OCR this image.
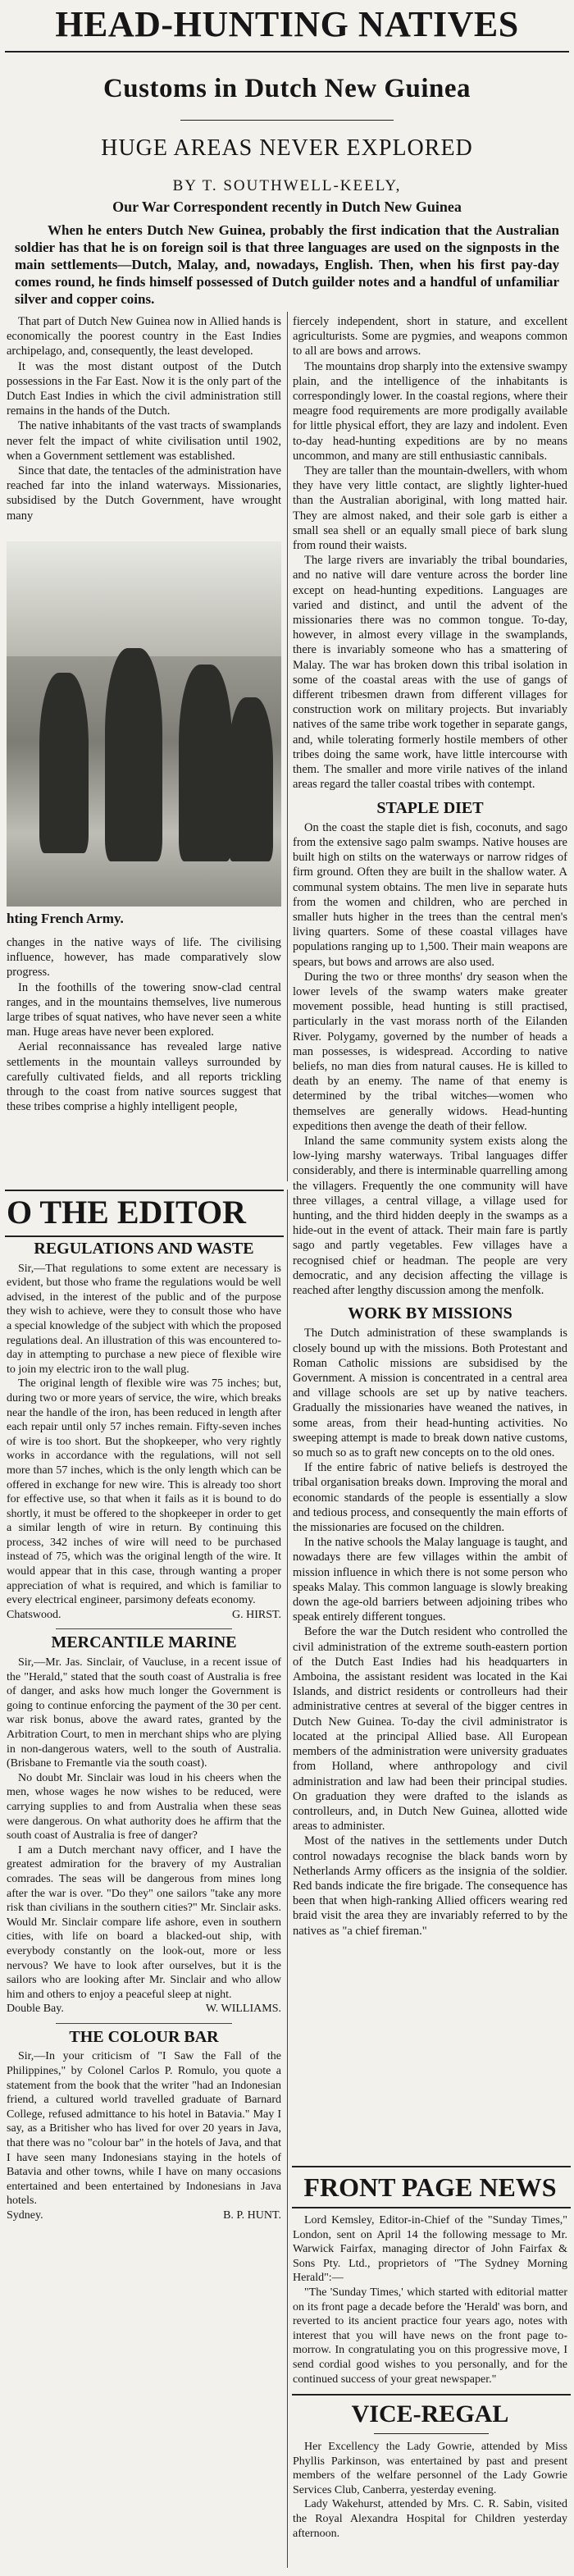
HEAD-HUNTING NATIVES
Customs in Dutch New Guinea
HUGE AREAS NEVER EXPLORED
BY T. SOUTHWELL-KEELY,
Our War Correspondent recently in Dutch New Guinea
When he enters Dutch New Guinea, probably the first indication that the Australian soldier has that he is on foreign soil is that three languages are used on the signposts in the main settlements—Dutch, Malay, and, nowadays, English. Then, when his first pay-day comes round, he finds himself possessed of Dutch guilder notes and a handful of unfamiliar silver and copper coins.

That part of Dutch New Guinea now in Allied hands is economically the poorest country in the East Indies archipelago, and, consequently, the least developed.

It was the most distant outpost of the Dutch possessions in the Far East. Now it is the only part of the Dutch East Indies in which the civil administration still remains in the hands of the Dutch.

The native inhabitants of the vast tracts of swamplands never felt the impact of white civilisation until 1902, when a Government settlement was established.

Since that date, the tentacles of the administration have reached far into the inland waterways. Missionaries, subsidised by the Dutch Government, have wrought many

hting French Army.

changes in the native ways of life. The civilising influence, however, has made comparatively slow progress.

In the foothills of the towering snow-clad central ranges, and in the mountains themselves, live numerous large tribes of squat natives, who have never seen a white man. Huge areas have never been explored.

Aerial reconnaissance has revealed large native settlements in the mountain valleys surrounded by carefully cultivated fields, and all reports trickling through to the coast from native sources suggest that these tribes comprise a highly intelligent people,

fiercely independent, short in stature, and excellent agriculturists. Some are pygmies, and weapons common to all are bows and arrows.

The mountains drop sharply into the extensive swampy plain, and the intelligence of the inhabitants is correspondingly lower. In the coastal regions, where their meagre food requirements are more prodigally available for little physical effort, they are lazy and indolent. Even to-day head-hunting expeditions are by no means uncommon, and many are still enthusiastic cannibals.

They are taller than the mountain-dwellers, with whom they have very little contact, are slightly lighter-hued than the Australian aboriginal, with long matted hair. They are almost naked, and their sole garb is either a small sea shell or an equally small piece of bark slung from round their waists.

The large rivers are invariably the tribal boundaries, and no native will dare venture across the border line except on head-hunting expeditions. Languages are varied and distinct, and until the advent of the missionaries there was no common tongue. To-day, however, in almost every village in the swamplands, there is invariably someone who has a smattering of Malay. The war has broken down this tribal isolation in some of the coastal areas with the use of gangs of different tribesmen drawn from different villages for construction work on military projects. But invariably natives of the same tribe work together in separate gangs, and, while tolerating formerly hostile members of other tribes doing the same work, have little intercourse with them. The smaller and more virile natives of the inland areas regard the taller coastal tribes with contempt.

STAPLE DIET

On the coast the staple diet is fish, coconuts, and sago from the extensive sago palm swamps. Native houses are built high on stilts on the waterways or narrow ridges of firm ground. Often they are built in the shallow water. A communal system obtains. The men live in separate huts from the women and children, who are perched in smaller huts higher in the trees than the central men's living quarters. Some of these coastal villages have populations ranging up to 1,500. Their main weapons are spears, but bows and arrows are also used.

During the two or three months' dry season when the lower levels of the swamp waters make greater movement possible, head hunting is still practised, particularly in the vast morass north of the Eilanden River. Polygamy, governed by the number of heads a man possesses, is widespread. According to native beliefs, no man dies from natural causes. He is killed to death by an enemy. The name of that enemy is determined by the tribal witches—women who themselves are generally widows. Head-hunting expeditions then avenge the death of their fellow.

Inland the same community system exists along the low-lying marshy waterways. Tribal languages differ considerably, and there is interminable quarrelling among the villagers. Frequently the one community will have three villages, a central village, a village used for hunting, and the third hidden deeply in the swamps as a hide-out in the event of attack. Their main fare is partly sago and partly vegetables. Few villages have a recognised chief or headman. The people are very democratic, and any decision affecting the village is reached after lengthy discussion among the menfolk.

WORK BY MISSIONS

The Dutch administration of these swamplands is closely bound up with the missions. Both Protestant and Roman Catholic missions are subsidised by the Government. A mission is concentrated in a central area and village schools are set up by native teachers. Gradually the missionaries have weaned the natives, in some areas, from their head-hunting activities. No sweeping attempt is made to break down native customs, so much so as to graft new concepts on to the old ones.

If the entire fabric of native beliefs is destroyed the tribal organisation breaks down. Improving the moral and economic standards of the people is essentially a slow and tedious process, and consequently the main efforts of the missionaries are focused on the children.

In the native schools the Malay language is taught, and nowadays there are few villages within the ambit of mission influence in which there is not some person who speaks Malay. This common language is slowly breaking down the age-old barriers between adjoining tribes who speak entirely different tongues.

Before the war the Dutch resident who controlled the civil administration of the extreme south-eastern portion of the Dutch East Indies had his headquarters in Amboina, the assistant resident was located in the Kai Islands, and district residents or controlleurs had their administrative centres at several of the bigger centres in Dutch New Guinea. To-day the civil administrator is located at the principal Allied base. All European members of the administration were university graduates from Holland, where anthropology and civil administration and law had been their principal studies. On graduation they were drafted to the islands as controlleurs, and, in Dutch New Guinea, allotted wide areas to administer.

Most of the natives in the settlements under Dutch control nowadays recognise the black bands worn by Netherlands Army officers as the insignia of the soldier. Red bands indicate the fire brigade. The consequence has been that when high-ranking Allied officers wearing red braid visit the area they are invariably referred to by the natives as "a chief fireman."

O THE EDITOR
REGULATIONS AND WASTE

Sir,—That regulations to some extent are necessary is evident, but those who frame the regulations would be well advised, in the interest of the public and of the purpose they wish to achieve, were they to consult those who have a special knowledge of the subject with which the proposed regulations deal. An illustration of this was encountered to-day in attempting to purchase a new piece of flexible wire to join my electric iron to the wall plug.

The original length of flexible wire was 75 inches; but, during two or more years of service, the wire, which breaks near the handle of the iron, has been reduced in length after each repair until only 57 inches remain. Fifty-seven inches of wire is too short. But the shopkeeper, who very rightly works in accordance with the regulations, will not sell more than 57 inches, which is the only length which can be offered in exchange for new wire. This is already too short for effective use, so that when it fails as it is bound to do shortly, it must be offered to the shopkeeper in order to get a similar length of wire in return. By continuing this process, 342 inches of wire will need to be purchased instead of 75, which was the original length of the wire. It would appear that in this case, through wanting a proper appreciation of what is required, and which is familiar to every electrical engineer, parsimony defeats economy.

Chatswood.	G. HIRST.
MERCANTILE MARINE

Sir,—Mr. Jas. Sinclair, of Vaucluse, in a recent issue of the "Herald," stated that the south coast of Australia is free of danger, and asks how much longer the Government is going to continue enforcing the payment of the 30 per cent. war risk bonus, above the award rates, granted by the Arbitration Court, to men in merchant ships who are plying in non-dangerous waters, well to the south of Australia. (Brisbane to Fremantle via the south coast).

No doubt Mr. Sinclair was loud in his cheers when the men, whose wages he now wishes to be reduced, were carrying supplies to and from Australia when these seas were dangerous. On what authority does he affirm that the south coast of Australia is free of danger?

I am a Dutch merchant navy officer, and I have the greatest admiration for the bravery of my Australian comrades. The seas will be dangerous from mines long after the war is over. "Do they" one sailors "take any more risk than civilians in the southern cities?" Mr. Sinclair asks. Would Mr. Sinclair compare life ashore, even in southern cities, with life on board a blacked-out ship, with everybody constantly on the look-out, more or less nervous? We have to look after ourselves, but it is the sailors who are looking after Mr. Sinclair and who allow him and others to enjoy a peaceful sleep at night.

Double Bay.	W. WILLIAMS.
THE COLOUR BAR

Sir,—In your criticism of "I Saw the Fall of the Philippines," by Colonel Carlos P. Romulo, you quote a statement from the book that the writer "had an Indonesian friend, a cultured world travelled graduate of Barnard College, refused admittance to his hotel in Batavia." May I say, as a Britisher who has lived for over 20 years in Java, that there was no "colour bar" in the hotels of Java, and that I have seen many Indonesians staying in the hotels of Batavia and other towns, while I have on many occasions entertained and been entertained by Indonesians in Java hotels.

Sydney.	B. P. HUNT.
FRONT PAGE NEWS

Lord Kemsley, Editor-in-Chief of the "Sunday Times," London, sent on April 14 the following message to Mr. Warwick Fairfax, managing director of John Fairfax & Sons Pty. Ltd., proprietors of "The Sydney Morning Herald":—

"The 'Sunday Times,' which started with editorial matter on its front page a decade before the 'Herald' was born, and reverted to its ancient practice four years ago, notes with interest that you will have news on the front page to-morrow. In congratulating you on this progressive move, I send cordial good wishes to you personally, and for the continued success of your great newspaper."

VICE-REGAL

Her Excellency the Lady Gowrie, attended by Miss Phyllis Parkinson, was entertained by past and present members of the welfare personnel of the Lady Gowrie Services Club, Canberra, yesterday evening.

Lady Wakehurst, attended by Mrs. C. R. Sabin, visited the Royal Alexandra Hospital for Children yesterday afternoon.
